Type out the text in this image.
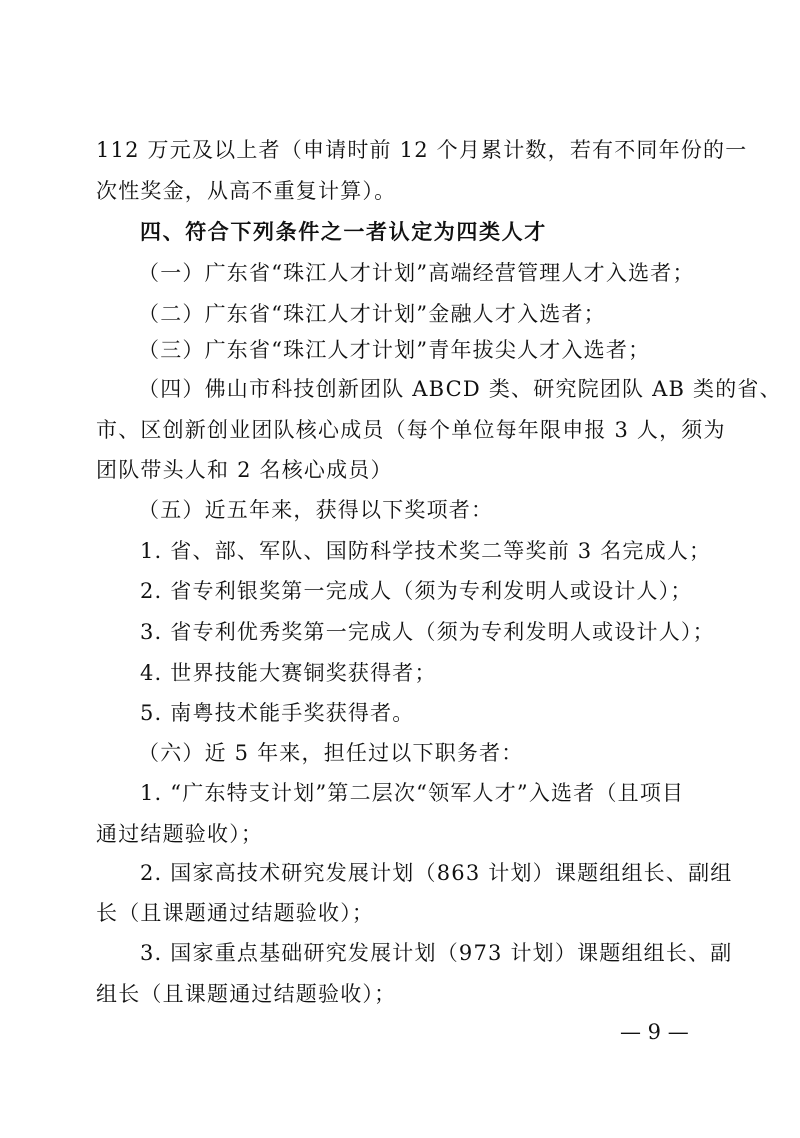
112 万元及以上者（申请时前 12 个月累计数，若有不同年份的一
次性奖金，从高不重复计算）。
四、符合下列条件之一者认定为四类人才
（一）广东省“珠江人才计划”高端经营管理人才入选者；
（二）广东省“珠江人才计划”金融人才入选者；
（三）广东省“珠江人才计划”青年拔尖人才入选者；
（四）佛山市科技创新团队 ABCD 类、研究院团队 AB 类的省、
市、区创新创业团队核心成员（每个单位每年限申报 3 人，须为
团队带头人和 2 名核心成员）
（五）近五年来，获得以下奖项者：
1. 省、部、军队、国防科学技术奖二等奖前 3 名完成人；
2. 省专利银奖第一完成人（须为专利发明人或设计人）；
3. 省专利优秀奖第一完成人（须为专利发明人或设计人）；
4. 世界技能大赛铜奖获得者；
5. 南粤技术能手奖获得者。
（六）近 5 年来，担任过以下职务者：
1. “广东特支计划”第二层次“领军人才”入选者（且项目
通过结题验收）；
2. 国家高技术研究发展计划（863 计划）课题组组长、副组
长（且课题通过结题验收）；
3. 国家重点基础研究发展计划（973 计划）课题组组长、副
组长（且课题通过结题验收）；
— 9 —
